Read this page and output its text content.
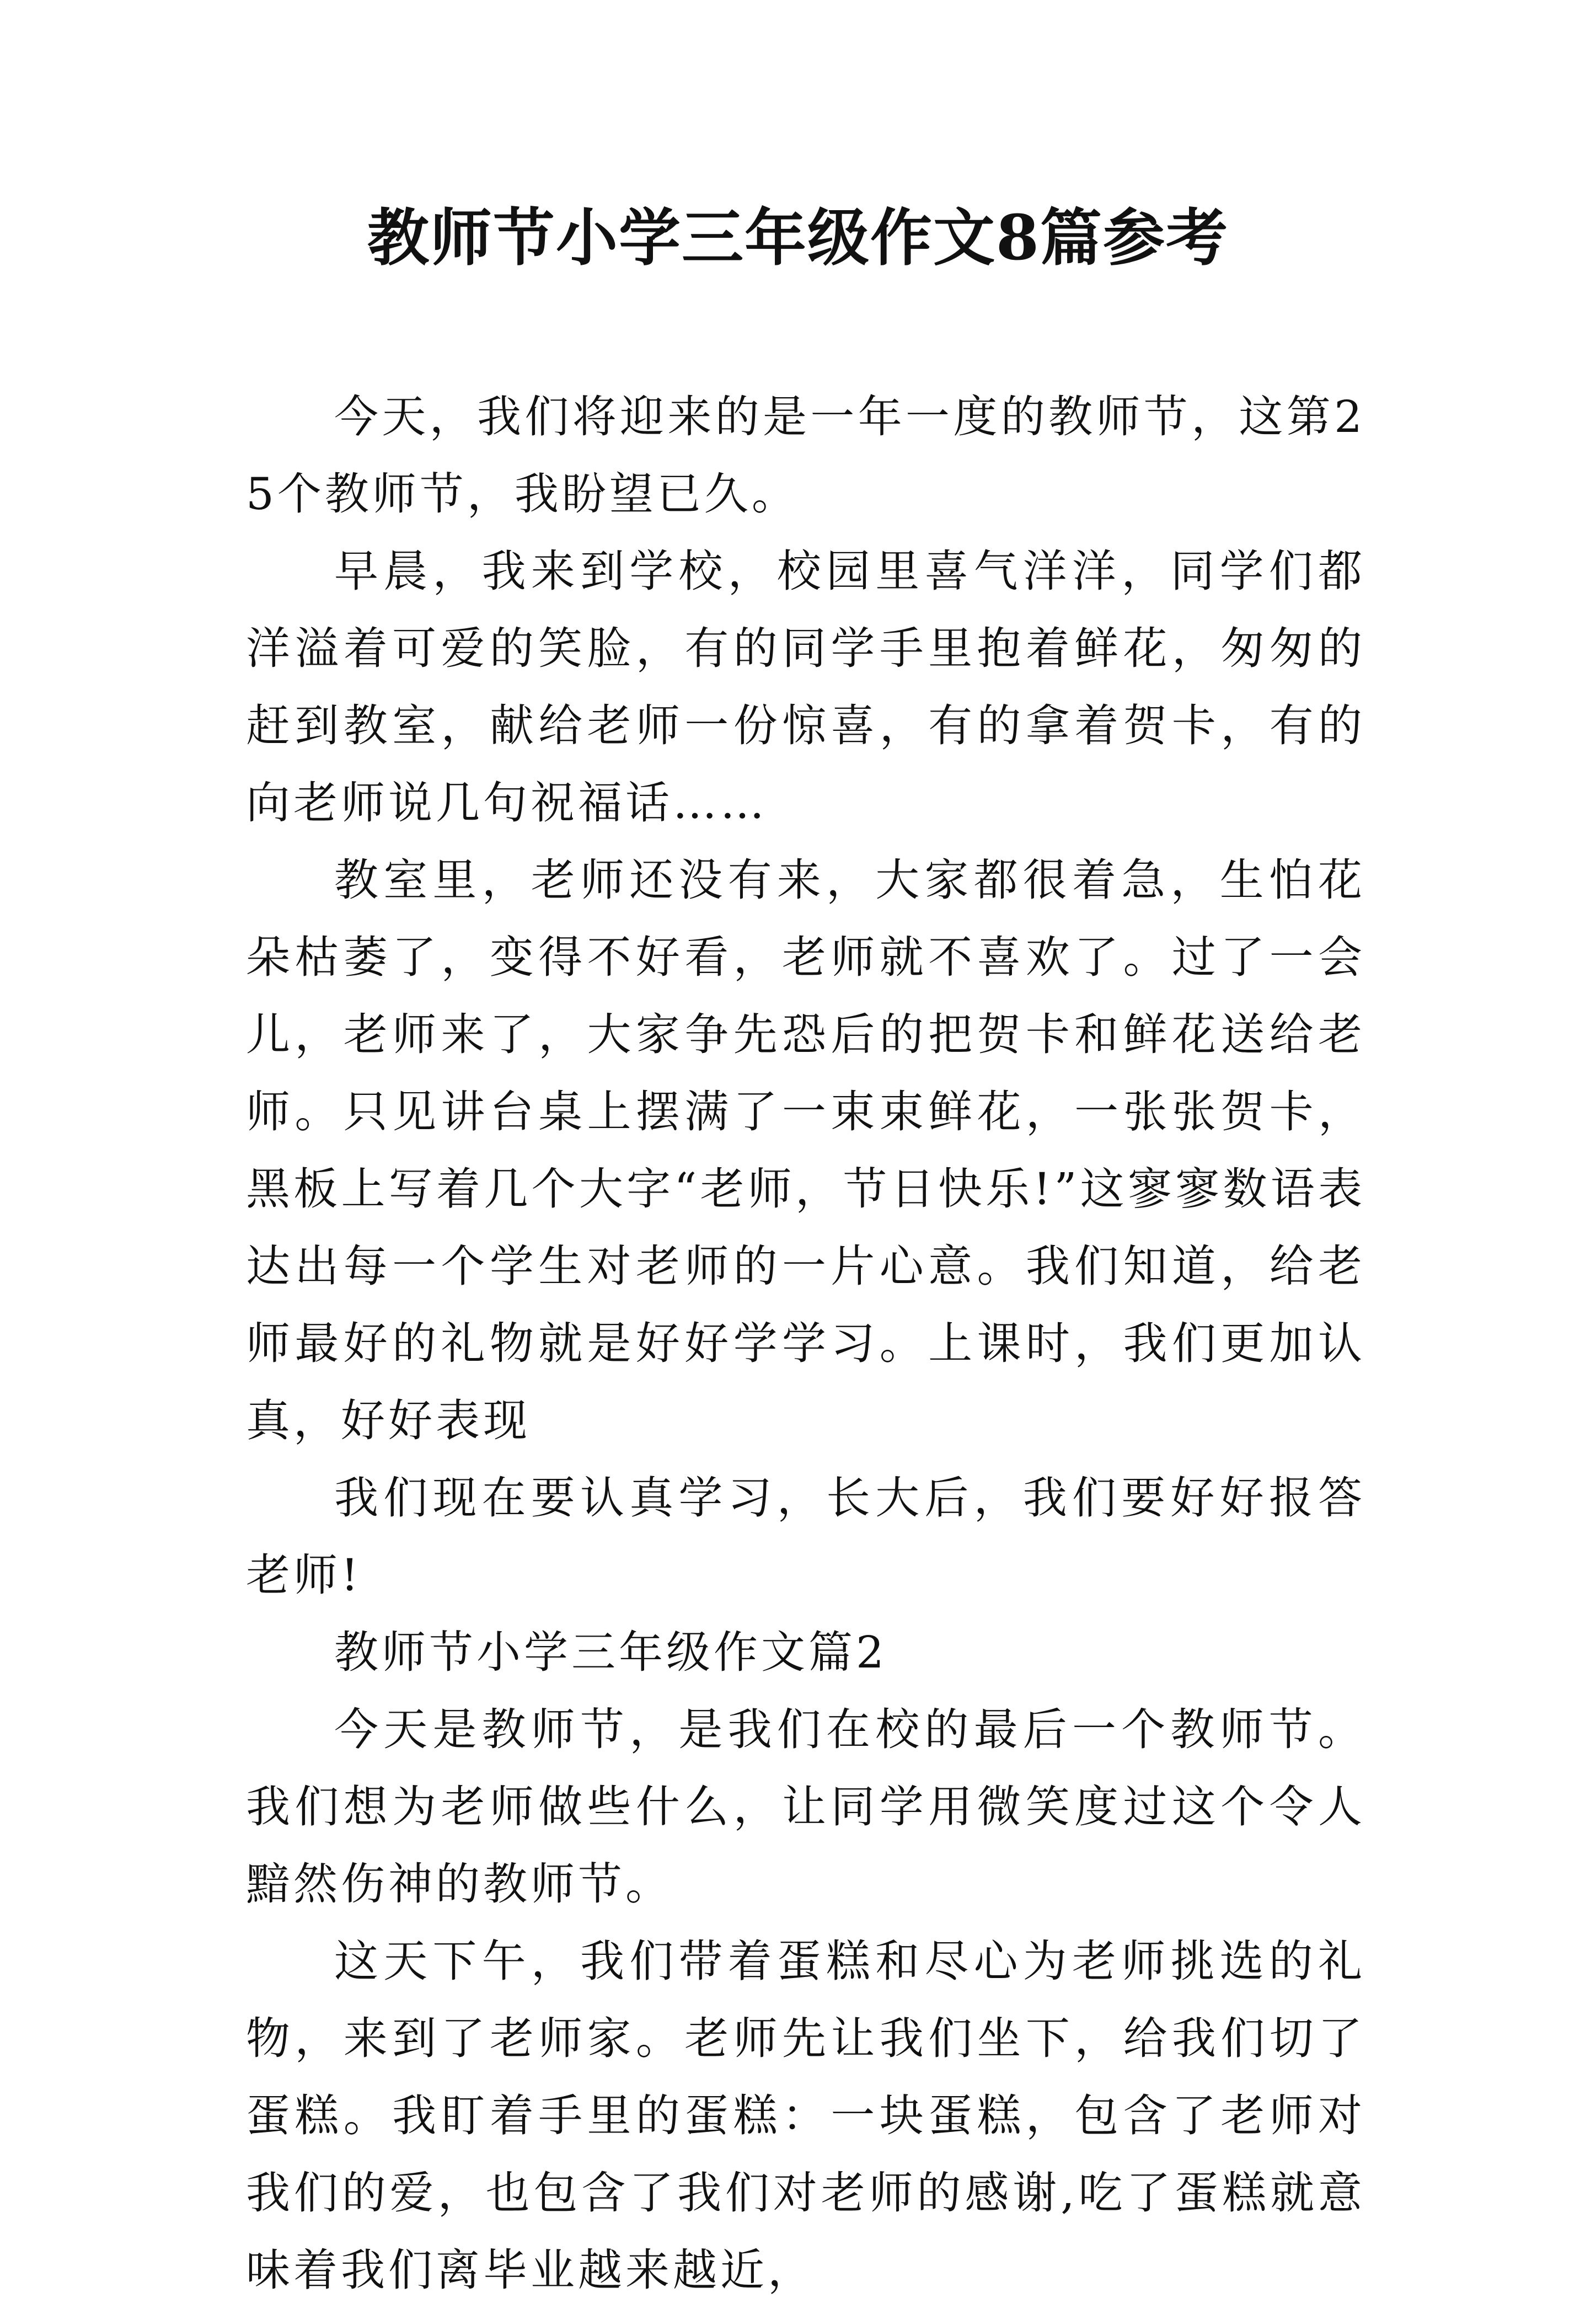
教师节小学三年级作文8篇参考

今天，我们将迎来的是一年一度的教师节，这第25个教师节，我盼望已久。

早晨，我来到学校，校园里喜气洋洋，同学们都洋溢着可爱的笑脸，有的同学手里抱着鲜花，匆匆的赶到教室，献给老师一份惊喜，有的拿着贺卡，有的向老师说几句祝福话……

教室里，老师还没有来，大家都很着急，生怕花朵枯萎了，变得不好看，老师就不喜欢了。过了一会儿，老师来了，大家争先恐后的把贺卡和鲜花送给老师。只见讲台桌上摆满了一束束鲜花，一张张贺卡，黑板上写着几个大字“老师，节日快乐!”这寥寥数语表达出每一个学生对老师的一片心意。我们知道，给老师最好的礼物就是好好学学习。上课时，我们更加认真，好好表现

我们现在要认真学习，长大后，我们要好好报答老师!

教师节小学三年级作文篇2

今天是教师节，是我们在校的最后一个教师节。我们想为老师做些什么，让同学用微笑度过这个令人黯然伤神的教师节。

这天下午，我们带着蛋糕和尽心为老师挑选的礼物，来到了老师家。老师先让我们坐下，给我们切了蛋糕。我盯着手里的蛋糕：一块蛋糕，包含了老师对我们的爱，也包含了我们对老师的感谢,吃了蛋糕就意味着我们离毕业越来越近，
